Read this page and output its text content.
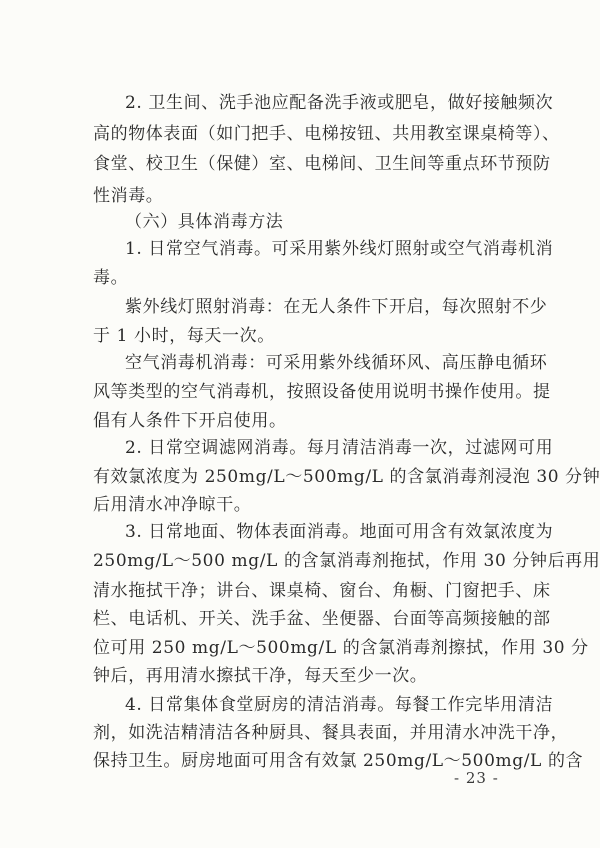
2. 卫生间、洗手池应配备洗手液或肥皂，做好接触频次
高的物体表面（如门把手、电梯按钮、共用教室课桌椅等）、
食堂、校卫生（保健）室、电梯间、卫生间等重点环节预防
性消毒。
（六）具体消毒方法
1. 日常空气消毒。可采用紫外线灯照射或空气消毒机消
毒。
紫外线灯照射消毒：在无人条件下开启，每次照射不少
于 1 小时，每天一次。
空气消毒机消毒：可采用紫外线循环风、高压静电循环
风等类型的空气消毒机，按照设备使用说明书操作使用。提
倡有人条件下开启使用。
2. 日常空调滤网消毒。每月清洁消毒一次，过滤网可用
有效氯浓度为 250mg/L～500mg/L 的含氯消毒剂浸泡 30 分钟
后用清水冲净晾干。
3. 日常地面、物体表面消毒。地面可用含有效氯浓度为
250mg/L～500 mg/L 的含氯消毒剂拖拭，作用 30 分钟后再用
清水拖拭干净；讲台、课桌椅、窗台、角橱、门窗把手、床
栏、电话机、开关、洗手盆、坐便器、台面等高频接触的部
位可用 250 mg/L～500mg/L 的含氯消毒剂擦拭，作用 30 分
钟后，再用清水擦拭干净，每天至少一次。
4. 日常集体食堂厨房的清洁消毒。每餐工作完毕用清洁
剂，如洗洁精清洁各种厨具、餐具表面，并用清水冲洗干净，
保持卫生。厨房地面可用含有效氯 250mg/L～500mg/L 的含
- 23 -
